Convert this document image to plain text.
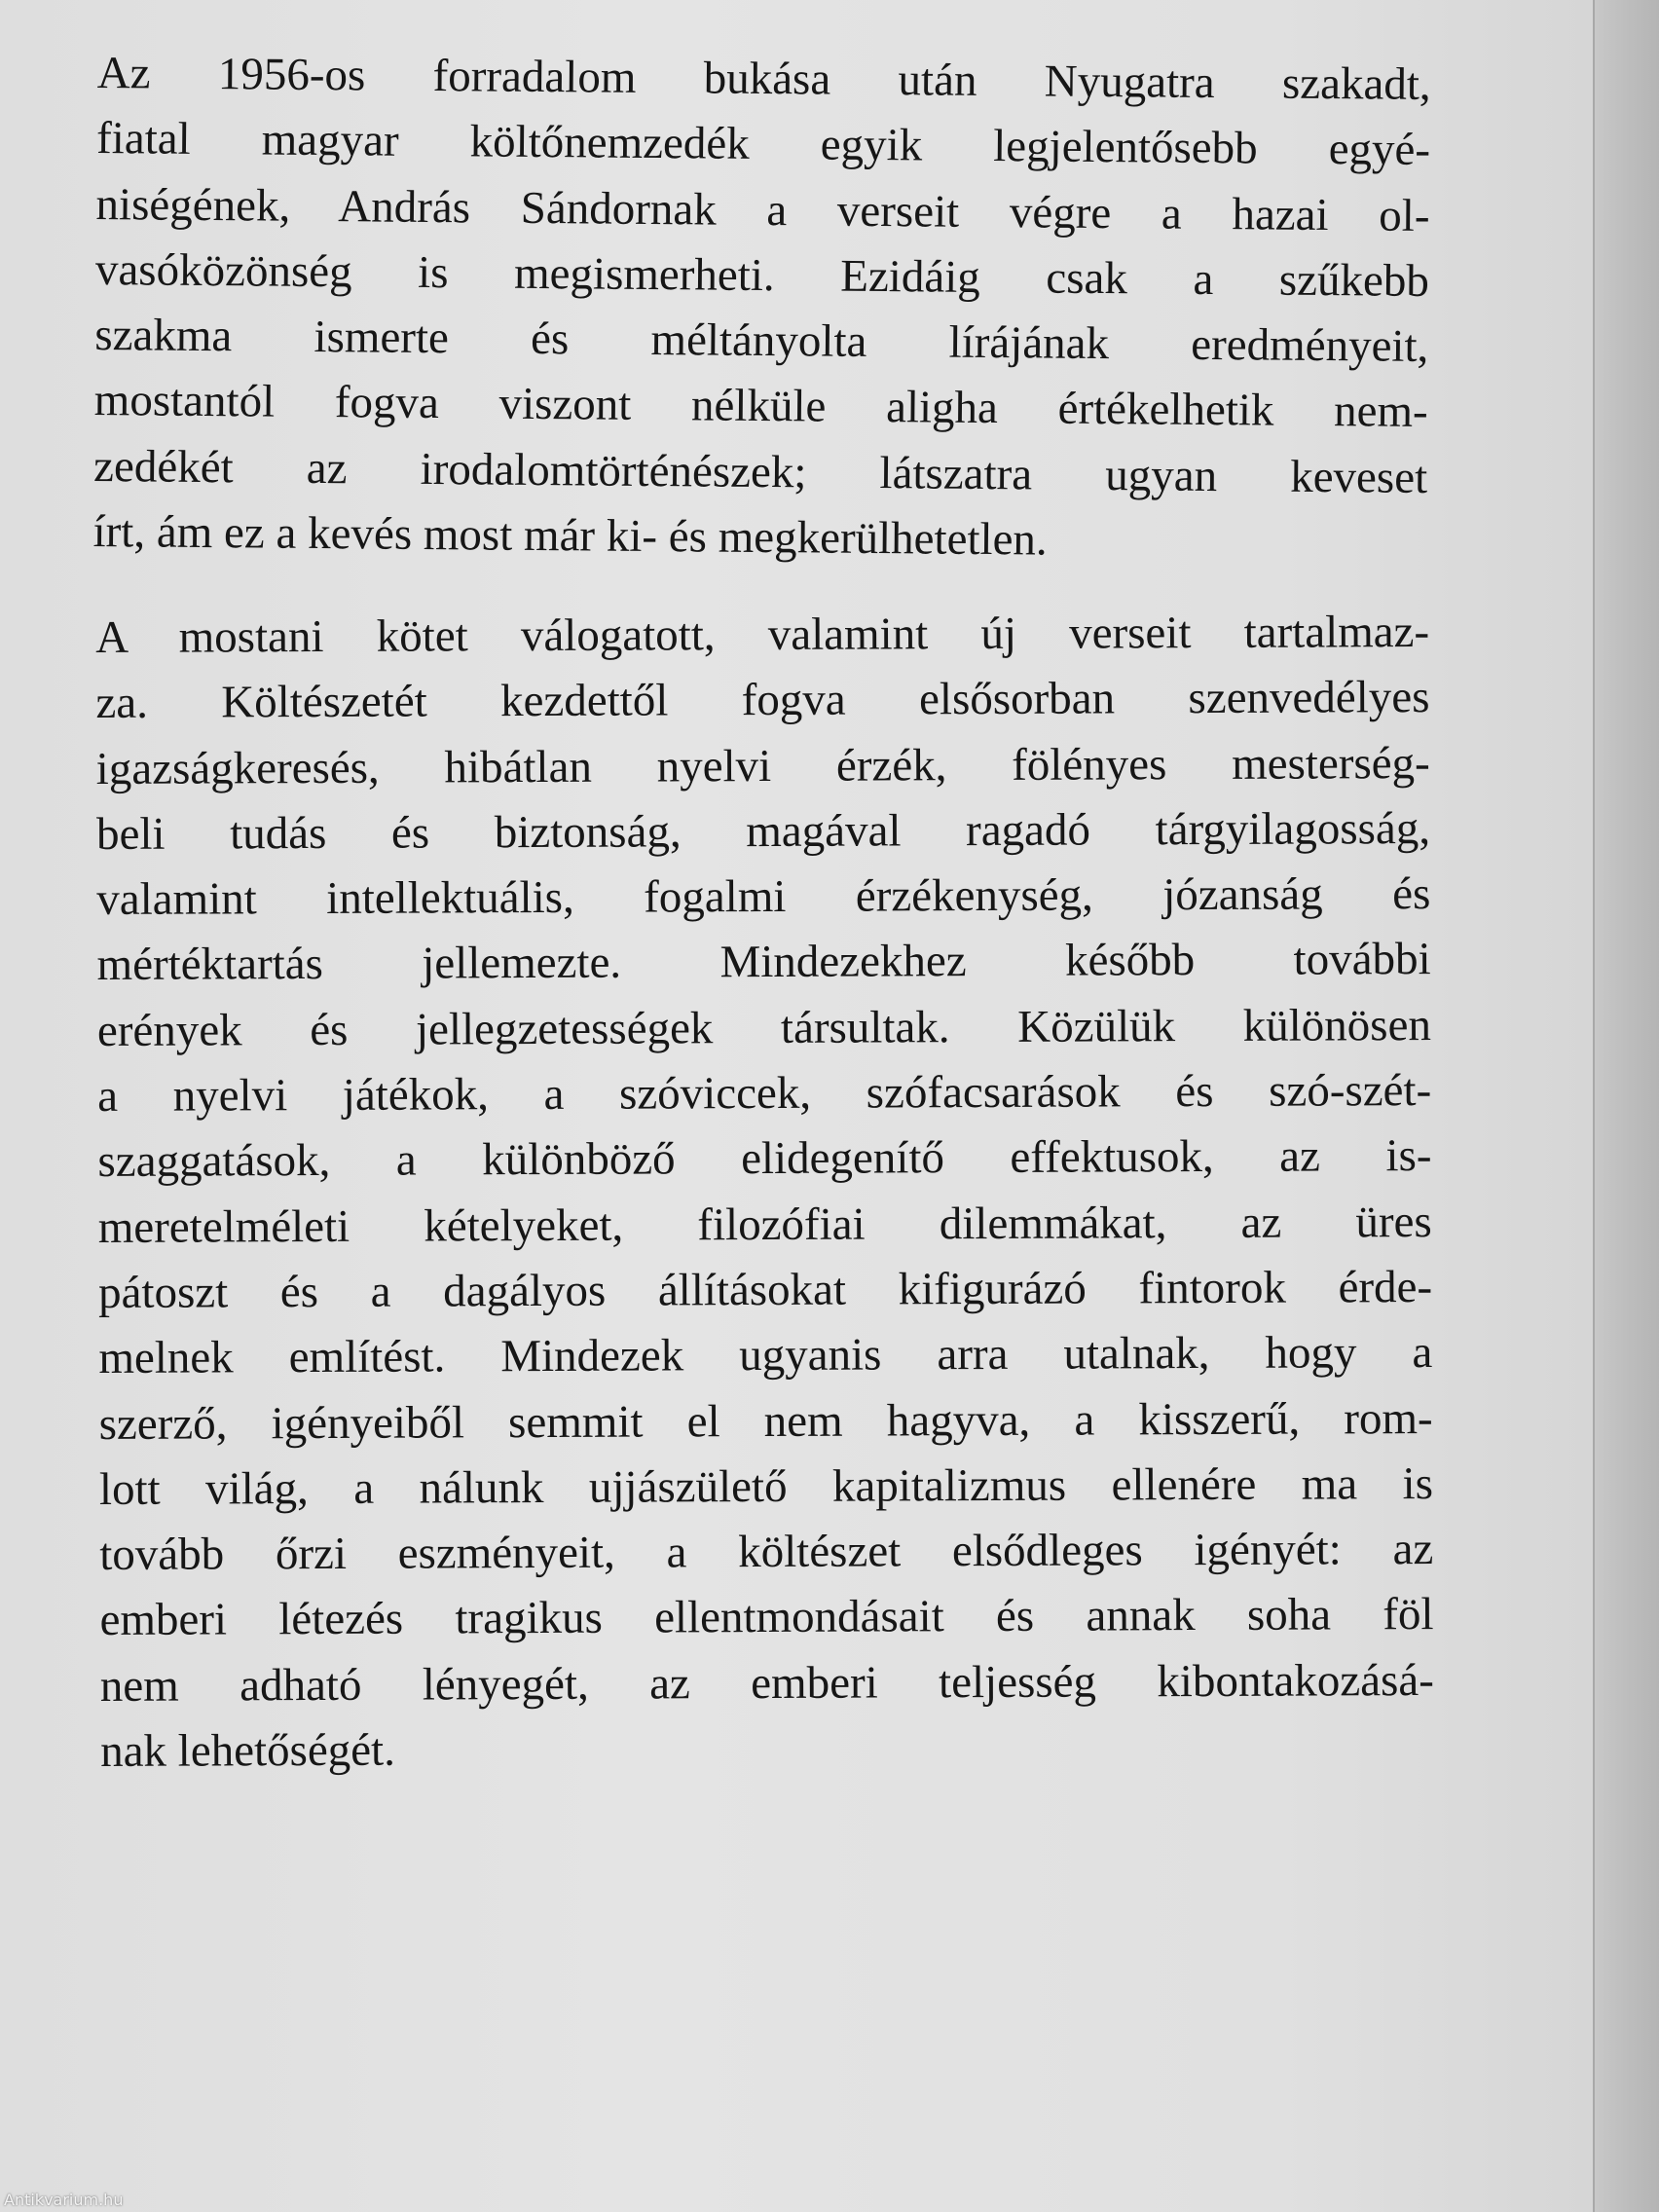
Az 1956-os forradalom bukása után Nyugatra szakadt,
fiatal magyar költőnemzedék egyik legjelentősebb egyé-
niségének, András Sándornak a verseit végre a hazai ol-
vasóközönség is megismerheti. Ezidáig csak a szűkebb
szakma ismerte és méltányolta lírájának eredményeit,
mostantól fogva viszont nélküle aligha értékelhetik nem-
zedékét az irodalomtörténészek; látszatra ugyan keveset
írt, ám ez a kevés most már ki- és megkerülhetetlen.
A mostani kötet válogatott, valamint új verseit tartalmaz-
za. Költészetét kezdettől fogva elsősorban szenvedélyes
igazságkeresés, hibátlan nyelvi érzék, fölényes mesterség-
beli tudás és biztonság, magával ragadó tárgyilagosság,
valamint intellektuális, fogalmi érzékenység, józanság és
mértéktartás jellemezte. Mindezekhez később további
erények és jellegzetességek társultak. Közülük különösen
a nyelvi játékok, a szóviccek, szófacsarások és szó-szét-
szaggatások, a különböző elidegenítő effektusok, az is-
meretelméleti kételyeket, filozófiai dilemmákat, az üres
pátoszt és a dagályos állításokat kifigurázó fintorok érde-
melnek említést. Mindezek ugyanis arra utalnak, hogy a
szerző, igényeiből semmit el nem hagyva, a kisszerű, rom-
lott világ, a nálunk ujjászülető kapitalizmus ellenére ma is
tovább őrzi eszményeit, a költészet elsődleges igényét: az
emberi létezés tragikus ellentmondásait és annak soha föl
nem adható lényegét, az emberi teljesség kibontakozásá-
nak lehetőségét.
Antikvarium.hu
